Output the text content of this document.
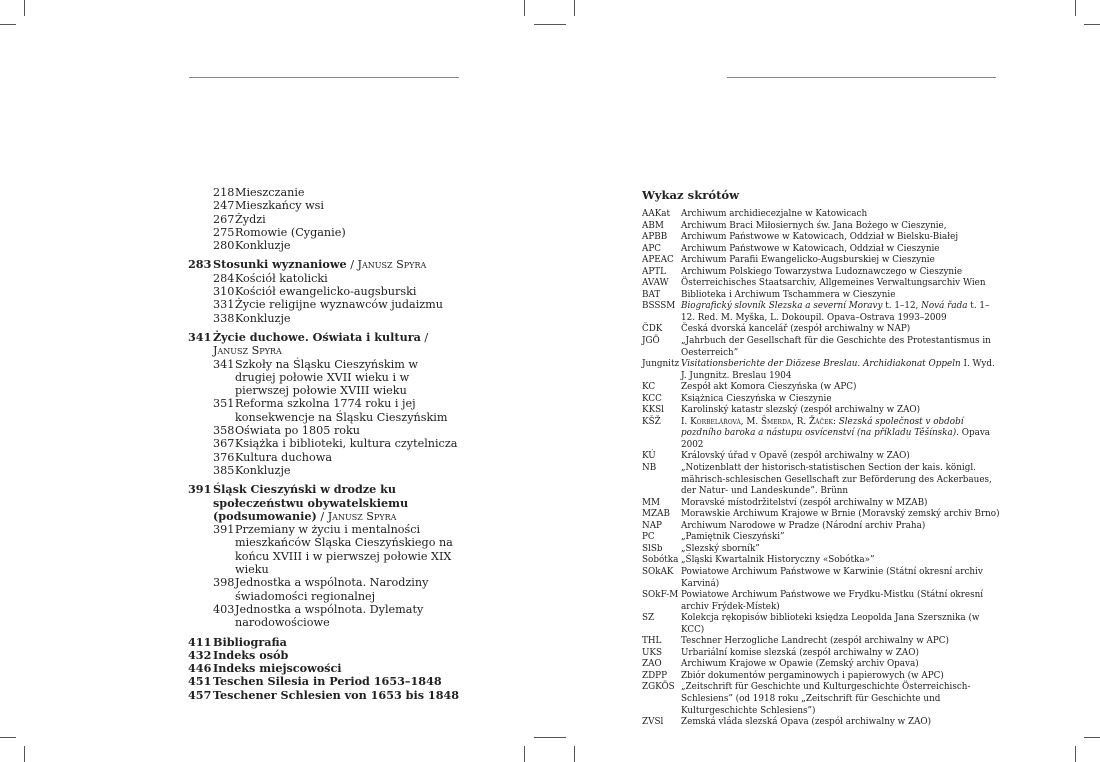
218 Mieszczanie
247 Mieszkańcy wsi
267 Żydzi
275 Romowie (Cyganie)
280 Konkluzje
283 Stosunki wyznaniowe / Janusz Spyra
284 Kościół katolicki
310 Kościół ewangelicko-augsburski
331 Życie religijne wyznawców judaizmu
338 Konkluzje
341 Życie duchowe. Oświata i kultura / Janusz Spyra
341 Szkoły na Śląsku Cieszyńskim w drugiej połowie XVII wieku i w pierwszej połowie XVIII wieku
351 Reforma szkolna 1774 roku i jej konsekwencje na Śląsku Cieszyńskim
358 Oświata po 1805 roku
367 Książka i biblioteki, kultura czytelnicza
376 Kultura duchowa
385 Konkluzje
391 Śląsk Cieszyński w drodze ku społeczeństwu obywatelskiemu (podsumowanie) / Janusz Spyra
391 Przemiany w życiu i mentalności mieszkańców Śląska Cieszyńskiego na końcu XVIII i w pierwszej połowie XIX wieku
398 Jednostka a wspólnota. Narodziny świadomości regionalnej
403 Jednostka a wspólnota. Dylematy narodowościowe
411 Bibliografia
432 Indeks osób
446 Indeks miejscowości
451 Teschen Silesia in Period 1653–1848
457 Teschener Schlesien von 1653 bis 1848
Wykaz skrótów
AAKat	Archiwum archidiecezjalne w Katowicach
ABM	Archiwum Braci Miłosiernych św. Jana Bożego w Cieszynie,
APBB	Archiwum Państwowe w Katowicach, Oddział w Bielsku-Białej
APC	Archiwum Państwowe w Katowicach, Oddział w Cieszynie
APEAC Archiwum Parafii Ewangelicko-Augsburskiej w Cieszynie
APTL	Archiwum Polskiego Towarzystwa Ludoznawczego w Cieszynie
AVAW	Österreichisches Staatsarchiv, Allgemeines Verwaltungsarchiv Wien
BAT	Biblioteka i Archiwum Tschammera w Cieszynie
BSSSM Biografický slovník Slezska a severní Moravy t. 1–12, Nová řada t. 1–12. Red. M. Myška, L. Dokoupil. Opava–Ostrava 1993–2009
ČDK	Česká dvorská kancelář (zespół archiwalny w NAP)
JGÖ	„Jahrbuch der Gesellschaft für die Geschichte des Protestantismus in Oesterreich”
Jungnitz Visitationsberichte der Diözese Breslau. Archidiakonat Oppeln I. Wyd. J. Jungnitz. Breslau 1904
KC	Zespół akt Komora Cieszyńska (w APC)
KCC	Książnica Cieszyńska w Cieszynie
KKSl	Karolinský katastr slezský (zespół archiwalny w ZAO)
KŠŽ	I. Korbelářová, M. Šmerda, R. Žáček: Slezská společnost v období pozdního baroka a nástupu osvícenství (na příkladu Těšínska). Opava 2002
KÚ	Královský úřad v Opavě (zespół archiwalny w ZAO)
NB	„Notizenblatt der historisch-statistischen Section der kais. königl. mährisch-schlesischen Gesellschaft zur Beförderung des Ackerbaues, der Natur- und Landeskunde”. Brünn
MM	Moravské místodržitelství (zespół archiwalny w MZAB)
MZAB	Morawskie Archiwum Krajowe w Brnie (Moravský zemský archiv Brno)
NAP	Archiwum Narodowe w Pradze (Národní archiv Praha)
PC	„Pamiętnik Cieszyński”
SlSb	„Slezský sborník”
Sobótka „Śląski Kwartalnik Historyczny «Sobótka»”
SOkAK Powiatowe Archiwum Państwowe w Karwinie (Státní okresní archiv Karviná)
SOkF-M Powiatowe Archiwum Państwowe we Frydku-Mistku (Státní okresní archiv Frýdek-Místek)
SZ	Kolekcja rękopisów biblioteki księdza Leopolda Jana Szersznika (w KCC)
THL	Teschner Herzogliche Landrecht (zespół archiwalny w APC)
UKS	Urbariální komise slezská (zespół archiwalny w ZAO)
ZAO	Archiwum Krajowe w Opawie (Zemský archiv Opava)
ZDPP	Zbiór dokumentów pergaminowych i papierowych (w APC)
ZGKÖS „Zeitschrift für Geschichte und Kulturgeschichte Österreichisch-Schlesiens” (od 1918 roku „Zeitschrift für Geschichte und Kulturgeschichte Schlesiens”)
ZVSl	Zemská vláda slezská Opava (zespół archiwalny w ZAO)
